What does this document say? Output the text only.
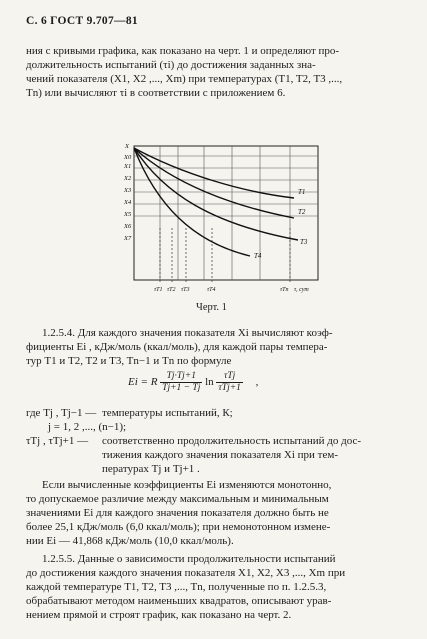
С. 6 ГОСТ 9.707—81
ния с кривыми графика, как показано на черт. 1 и определяют про-
должительность испытаний (τi) до достижения заданных зна-
чений показателя (X1, X2 ,..., Xm) при температурах (T1, T2, T3 ,...,
Tn) или вычисляют τi в соответствии с приложением 6.
X
X0
X1
X2
X3
X4
X5
X6
X7
τT1 τT2 τT3	τT4	τTn τ, сут
T1
T2
T3
T4
Черт. 1
1.2.5.4. Для каждого значения показателя Xi вычисляют коэф-
фициенты Ei , кДж/моль (ккал/моль), для каждой пары темпера-
тур T1 и T2, T2 и T3, Tn−1 и Tn по формуле
Ei = R $\frac{Tj\cdot Tj+1}{Tj+1 - Tj}$ $\ln \frac{\text{τTj}}{\text{τTj+1}}$ ,
где Tj , Tj−1 — температуры испытаний, К;
j = 1, 2 ,..., (n−1);
τTj , τTj+1 — соответственно продолжительность испытаний до дос-
тижения каждого значения показателя Xi при тем-
пературах Tj и Tj+1 .
Если вычисленные коэффициенты Ei изменяются монотонно,
то допускаемое различие между максимальным и минимальным
значениями Ei для каждого значения показателя должно быть не
более 25,1 кДж/моль (6,0 ккал/моль); при немонотонном измене-
нии Ei — 41,868 кДж/моль (10,0 ккал/моль).
1.2.5.5. Данные о зависимости продолжительности испытаний
до достижения каждого значения показателя X1, X2, X3 ,..., Xm при
каждой температуре T1, T2, T3 ,..., Tn, полученные по п. 1.2.5.3,
обрабатывают методом наименьших квадратов, описывают урав-
нением прямой и строят график, как показано на черт. 2.
